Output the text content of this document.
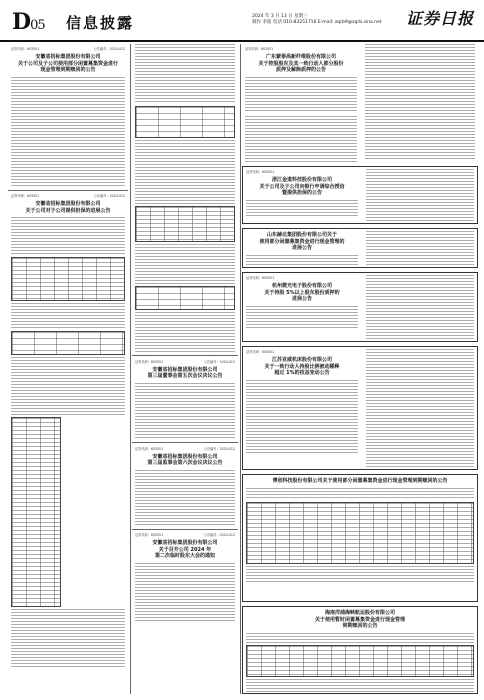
D05 信息披露	2024 年 3 月 13 日 星期三
制作 李波 电话 010-83251716 E-mail: zqrb9@zqrb.sina.net 证券日报
证券代码：603551	公告编号：2024-012
安徽省招标集团股份有限公司
关于公司及子公司使用部分闲置募集资金进行
现金管理到期赎回的公告
证券代码：603551	公告编号：2024-012
安徽省招标集团股份有限公司
关于公司对子公司提供担保的进展公告
证券代码：603551	公告编号：2024-012
安徽省招标集团股份有限公司
第三届董事会第五次会议决议公告
证券代码：603551	公告编号：2024-012
安徽省招标集团股份有限公司
第三届监事会第六次会议决议公告
证券代码：603551	公告编号：2024-012
安徽省招标集团股份有限公司
关于召开公司 2024 年
第二次临时股东大会的通知
证券代码：603551
广东蒙泰高新纤维股份有限公司
关于控股股东及其一致行动人部分股份
质押及解除质押的公告
证券代码：603551
浙江金道科技股份有限公司
关于公司及子公司向银行申请综合授信
暨提供担保的公告
山东赫达集团股份有限公司关于
使用部分闲置募集资金进行现金管理的
进展公告
证券代码：603551
杭州微光电子股份有限公司
关于持股 5%以上股东股份质押的
进展公告
证券代码：603551
江苏亚威机床股份有限公司
关于一致行动人持股比例被动稀释
超过 1%的权益变动公告
博创科技股份有限公司关于使用部分闲置募集资金进行现金管理到期赎回的公告
海南洋浦海峡航运股份有限公司
关于使用暂时闲置募集资金进行现金管理
到期赎回的公告
